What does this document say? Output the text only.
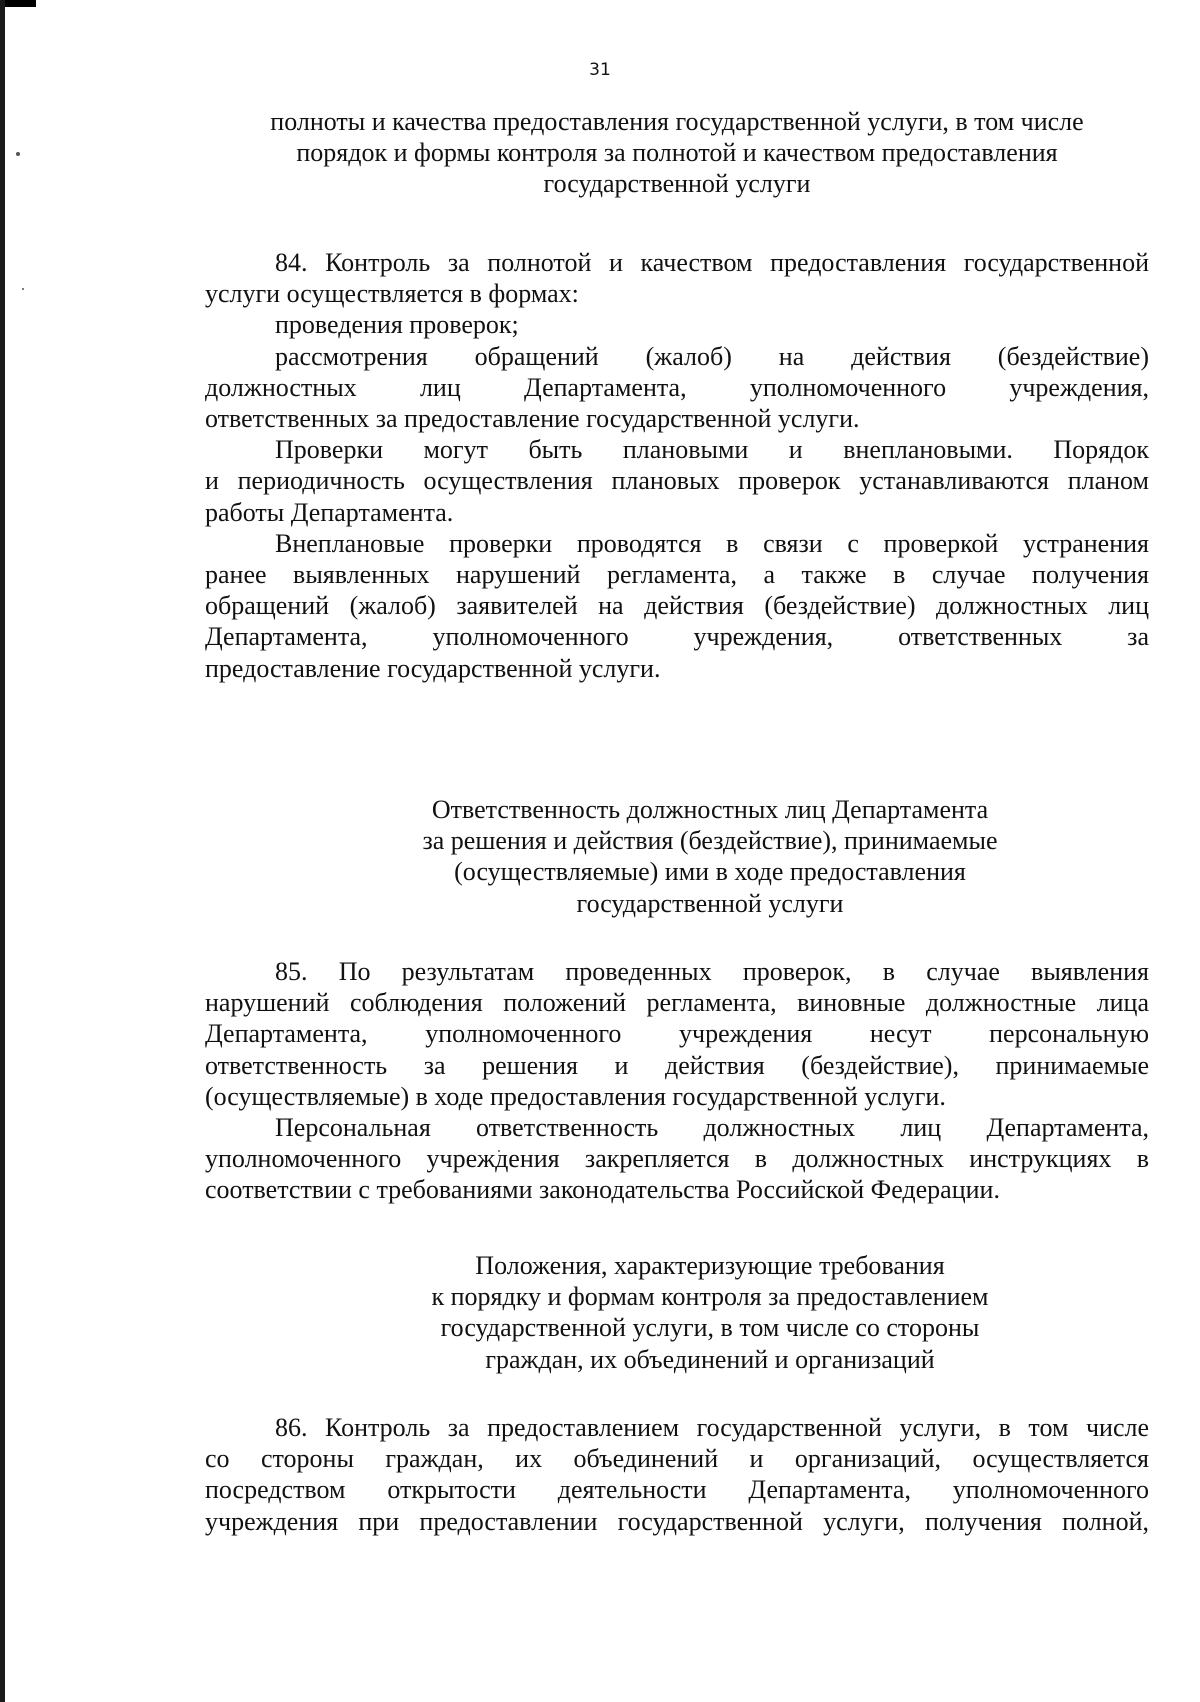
31
полноты и качества предоставления государственной услуги, в том числе
порядок и формы контроля за полнотой и качеством предоставления
государственной услуги
84. Контроль за полнотой и качеством предоставления государственной
услуги осуществляется в формах:
проведения проверок;
рассмотрения обращений (жалоб) на действия (бездействие)
должностных лиц Департамента, уполномоченного учреждения,
ответственных за предоставление государственной услуги.
Проверки могут быть плановыми и внеплановыми. Порядок
и периодичность осуществления плановых проверок устанавливаются планом
работы Департамента.
Внеплановые проверки проводятся в связи с проверкой устранения
ранее выявленных нарушений регламента, а также в случае получения
обращений (жалоб) заявителей на действия (бездействие) должностных лиц
Департамента, уполномоченного учреждения, ответственных за
предоставление государственной услуги.
Ответственность должностных лиц Департамента
за решения и действия (бездействие), принимаемые
(осуществляемые) ими в ходе предоставления
государственной услуги
85. По результатам проведенных проверок, в случае выявления
нарушений соблюдения положений регламента, виновные должностные лица
Департамента, уполномоченного учреждения несут персональную
ответственность за решения и действия (бездействие), принимаемые
(осуществляемые) в ходе предоставления государственной услуги.
Персональная ответственность должностных лиц Департамента,
уполномоченного учреждения закрепляется в должностных инструкциях в
соответствии с требованиями законодательства Российской Федерации.
Положения, характеризующие требования
к порядку и формам контроля за предоставлением
государственной услуги, в том числе со стороны
граждан, их объединений и организаций
86. Контроль за предоставлением государственной услуги, в том числе
со стороны граждан, их объединений и организаций, осуществляется
посредством открытости деятельности Департамента, уполномоченного
учреждения при предоставлении государственной услуги, получения полной,
